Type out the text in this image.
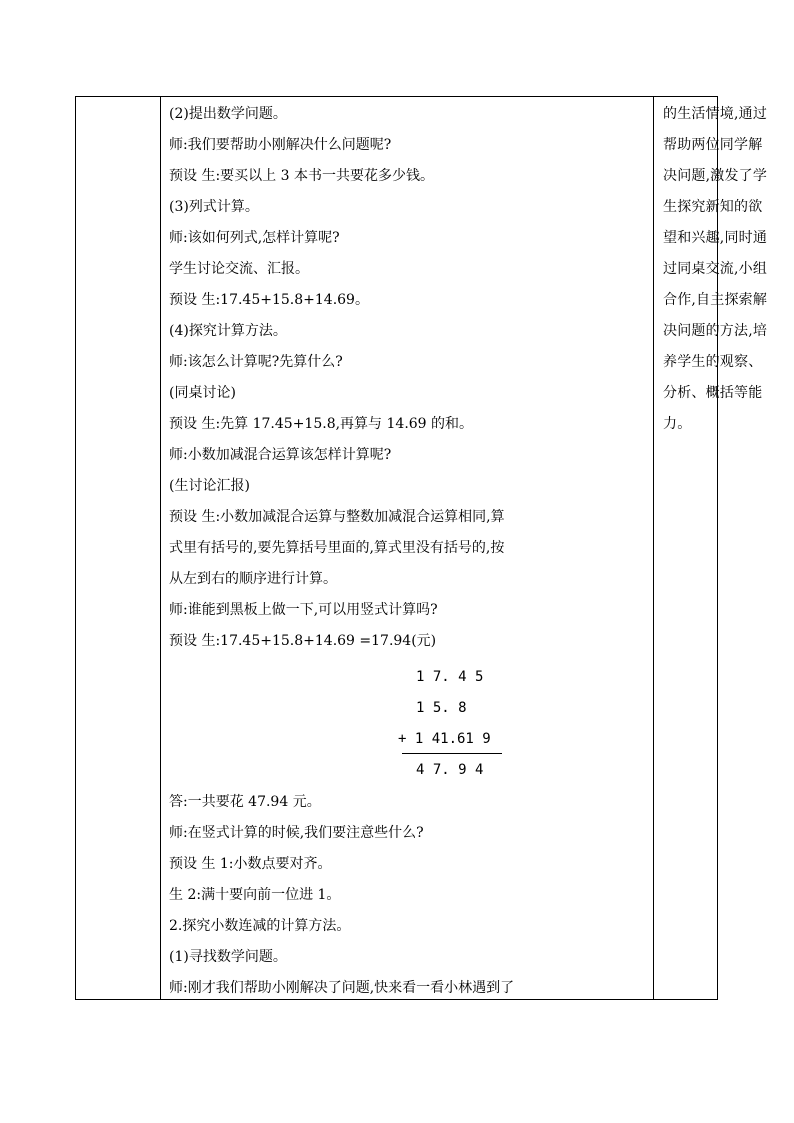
(2)提出数学问题。
师:我们要帮助小刚解决什么问题呢?
预设 生:要买以上 3 本书一共要花多少钱。
(3)列式计算。
师:该如何列式,怎样计算呢?
学生讨论交流、汇报。
预设 生:17.45+15.8+14.69。
(4)探究计算方法。
师:该怎么计算呢?先算什么?
(同桌讨论)
预设 生:先算 17.45+15.8,再算与 14.69 的和。
师:小数加减混合运算该怎样计算呢?
(生讨论汇报)
预设 生:小数加减混合运算与整数加减混合运算相同,算
式里有括号的,要先算括号里面的,算式里没有括号的,按
从左到右的顺序进行计算。
师:谁能到黑板上做一下,可以用竖式计算吗?
预设 生:17.45+15.8+14.69 =17.94(元)
1 7. 4 5
1 5. 8
+ 1 41.61 9
4 7. 9 4
答:一共要花 47.94 元。
师:在竖式计算的时候,我们要注意些什么?
预设 生 1:小数点要对齐。
生 2:满十要向前一位进 1。
2.探究小数连减的计算方法。
(1)寻找数学问题。
师:刚才我们帮助小刚解决了问题,快来看一看小林遇到了
的生活情境,通过
帮助两位同学解
决问题,激发了学
生探究新知的欲
望和兴趣,同时通
过同桌交流,小组
合作,自主探索解
决问题的方法,培
养学生的观察、
分析、概括等能
力。
